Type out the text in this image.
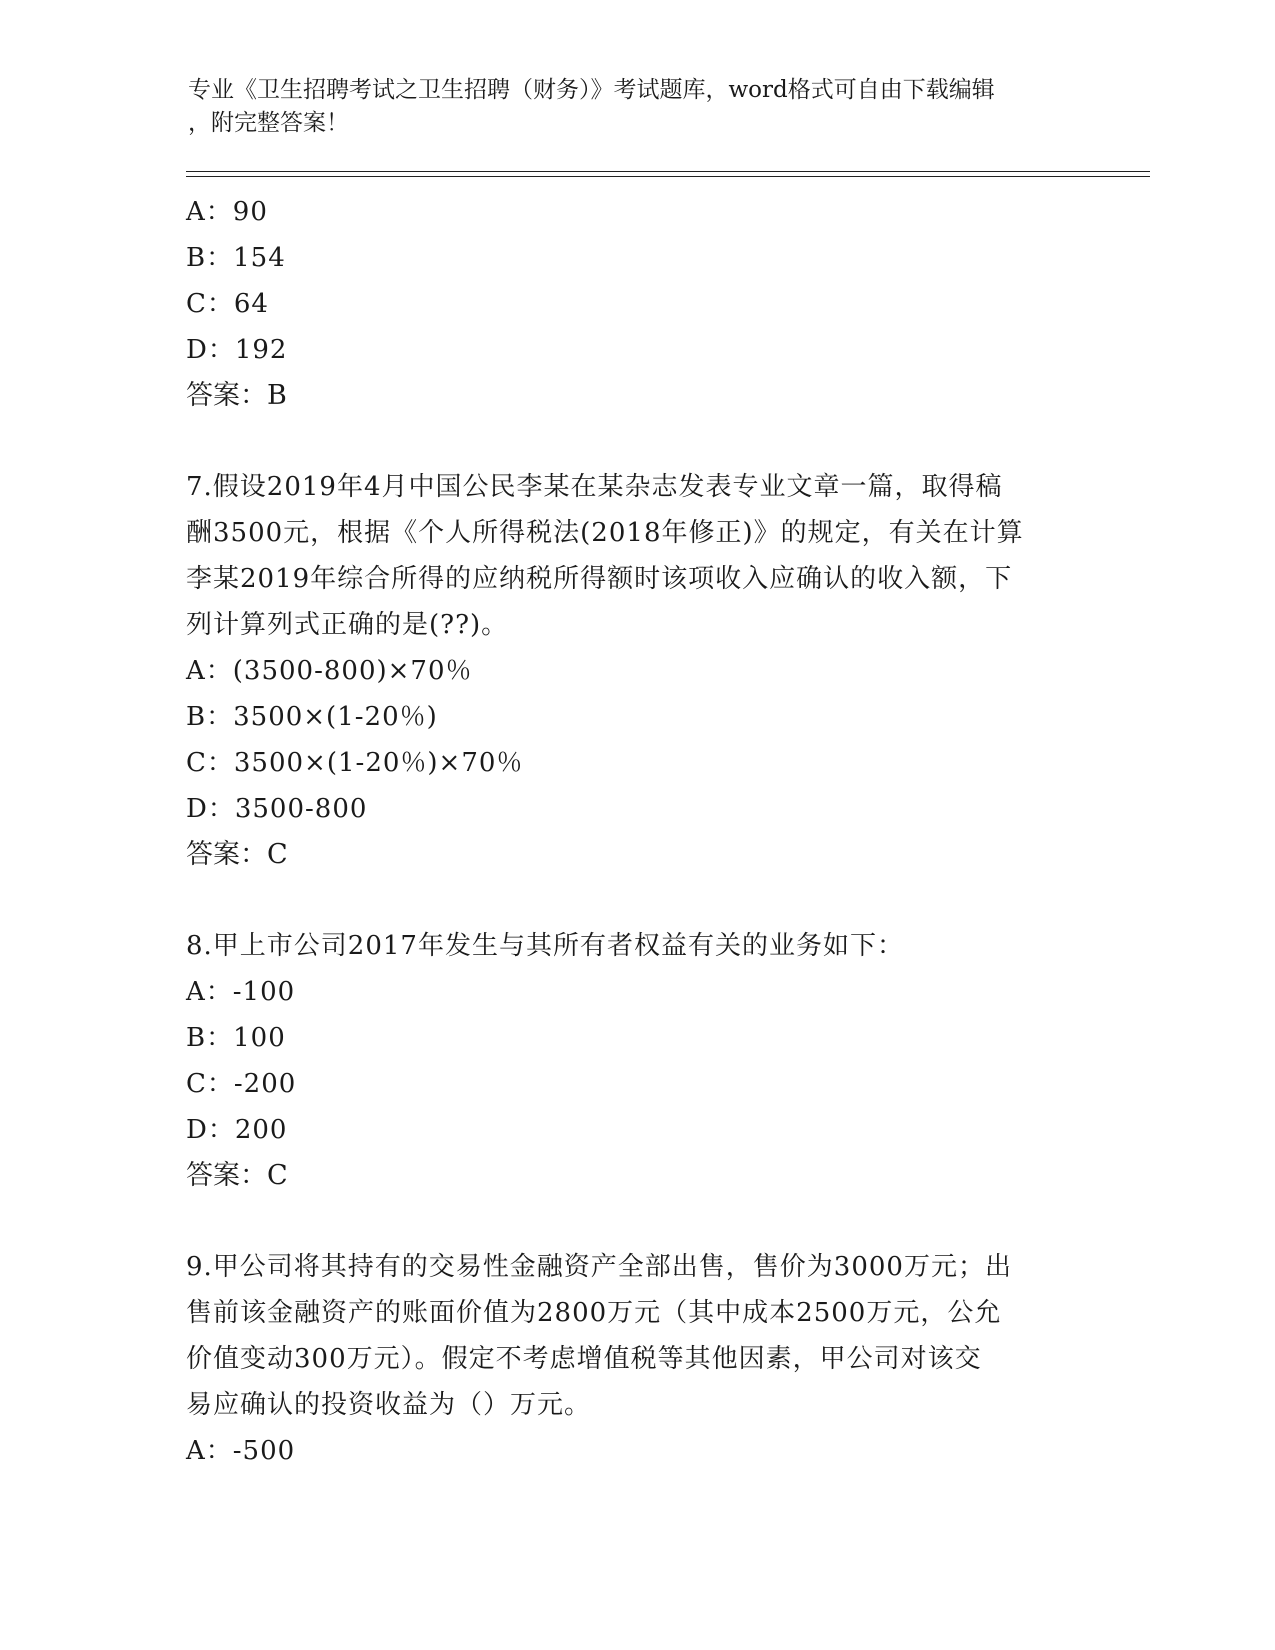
专业《卫生招聘考试之卫生招聘（财务）》考试题库，word格式可自由下载编辑
，附完整答案！
A：90
B：154
C：64
D：192
答案：B
7.假设2019年4月中国公民李某在某杂志发表专业文章一篇，取得稿
酬3500元，根据《个人所得税法(2018年修正)》的规定，有关在计算
李某2019年综合所得的应纳税所得额时该项收入应确认的收入额，下
列计算列式正确的是(??)。
A：(3500-800)×70％
B：3500×(1-20％)
C：3500×(1-20％)×70％
D：3500-800
答案：C
8.甲上市公司2017年发生与其所有者权益有关的业务如下：
A：-100
B：100
C：-200
D：200
答案：C
9.甲公司将其持有的交易性金融资产全部出售，售价为3000万元；出
售前该金融资产的账面价值为2800万元（其中成本2500万元，公允
价值变动300万元）。假定不考虑增值税等其他因素，甲公司对该交
易应确认的投资收益为（）万元。
A：-500
